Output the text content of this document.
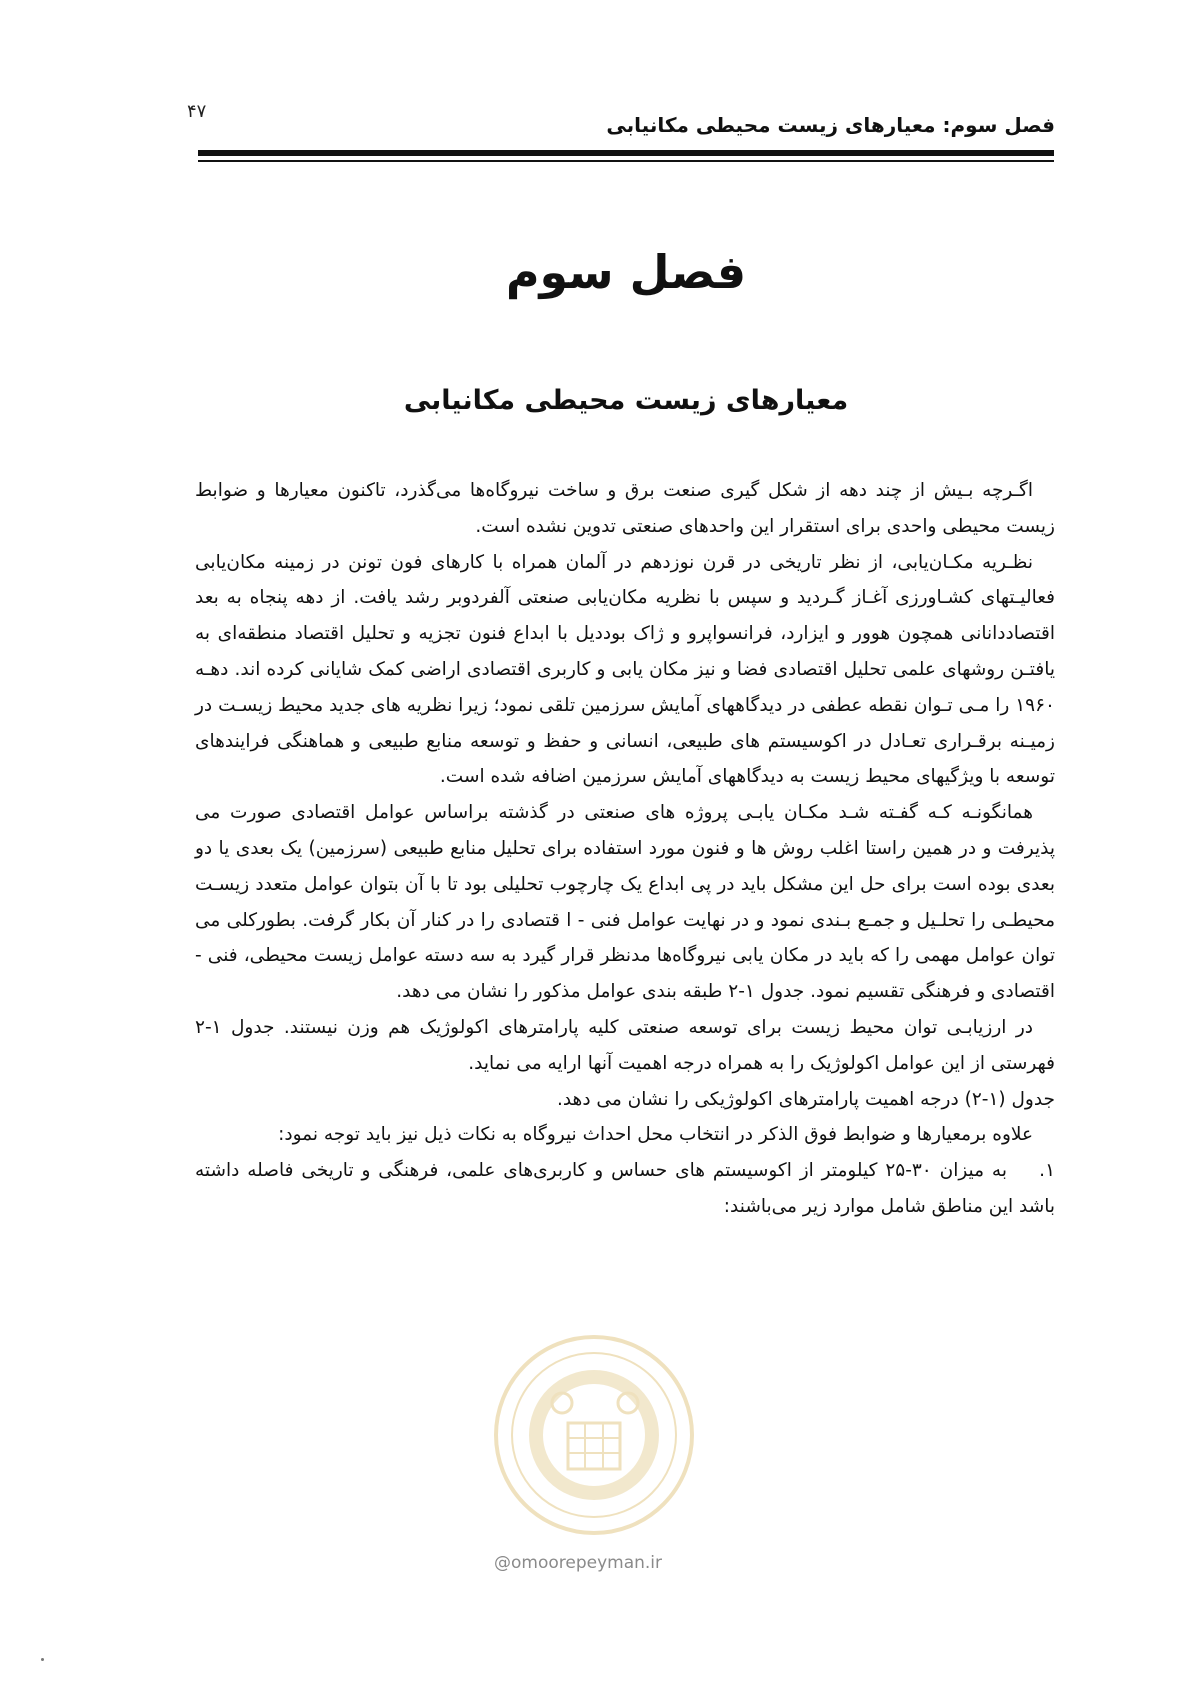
۴۷
فصل سوم: معیارهای زیست محیطی مکانیابی
فصل سوم
معیارهای زیست محیطی مکانیابی

اگـرچه بـیش از چند دهه از شکل گیری صنعت برق و ساخت نیروگاه‌ها می‌گذرد، تاکنون معیارها و ضوابط زیست محیطی واحدی برای استقرار این واحدهای صنعتی تدوین نشده است.

نظـریه مکـان‌یابی، از نظر تاریخی در قرن نوزدهم در آلمان همراه با کارهای فون تونن در زمینه مکان‌یابی فعالیـتهای کشـاورزی آغـاز گـردید و سپس با نظریه مکان‌یابی صنعتی آلفردوبر رشد یافت. از دهه پنجاه به بعد اقتصاددانانی همچون هوور و ایزارد، فرانسواپرو و ژاک بوددیل با ابداع فنون تجزیه و تحلیل اقتصاد منطقه‌ای به یافتـن روشهای علمی تحلیل اقتصادی فضا و نیز مکان یابی و کاربری اقتصادی اراضی کمک شایانی کرده اند. دهـه ۱۹۶۰ را مـی تـوان نقطه عطفی در دیدگاههای آمایش سرزمین تلقی نمود؛ زیرا نظریه های جدید محیط زیسـت در زمیـنه برقـراری تعـادل در اکوسیستم های طبیعی، انسانی و حفظ و توسعه منابع طبیعی و هماهنگی فرایندهای توسعه با ویژگیهای محیط زیست به دیدگاههای آمایش سرزمین اضافه شده است.

همانگونـه کـه گفـته شـد مکـان یابـی پروژه های صنعتی در گذشته براساس عوامل اقتصادی صورت می پذیرفت و در همین راستا اغلب روش ها و فنون مورد استفاده برای تحلیل منابع طبیعی (سرزمین) یک بعدی یا دو بعدی بوده است برای حل این مشکل باید در پی ابداع یک چارچوب تحلیلی بود تا با آن بتوان عوامل متعدد زیسـت محیطـی را تحلـیل و جمـع بـندی نمود و در نهایت عوامل فنی - ا قتصادی را در کنار آن بکار گرفت. بطورکلی می توان عوامل مهمی را که باید در مکان یابی نیروگاه‌ها مدنظر قرار گیرد به سه دسته عوامل زیست محیطی، فنی - اقتصادی و فرهنگی تقسیم نمود. جدول ۱-۲ طبقه بندی عوامل مذکور را نشان می دهد.

در ارزیابـی توان محیط زیست برای توسعه صنعتی کلیه پارامترهای اکولوژیک هم وزن نیستند. جدول ۱-۲ فهرستی از این عوامل اکولوژیک را به همراه درجه اهمیت آنها ارایه می نماید.

جدول (۱-۲) درجه اهمیت پارامترهای اکولوژیکی را نشان می دهد.

علاوه برمعیارها و ضوابط فوق الذکر در انتخاب محل احداث نیروگاه به نکات ذیل نیز باید توجه نمود:

۱.به میزان ۳۰-۲۵ کیلومتر از اکوسیستم های حساس و کاربری‌های علمی، فرهنگی و تاریخی فاصله داشته باشد این مناطق شامل موارد زیر می‌باشند:

@omoorepeyman.ir
